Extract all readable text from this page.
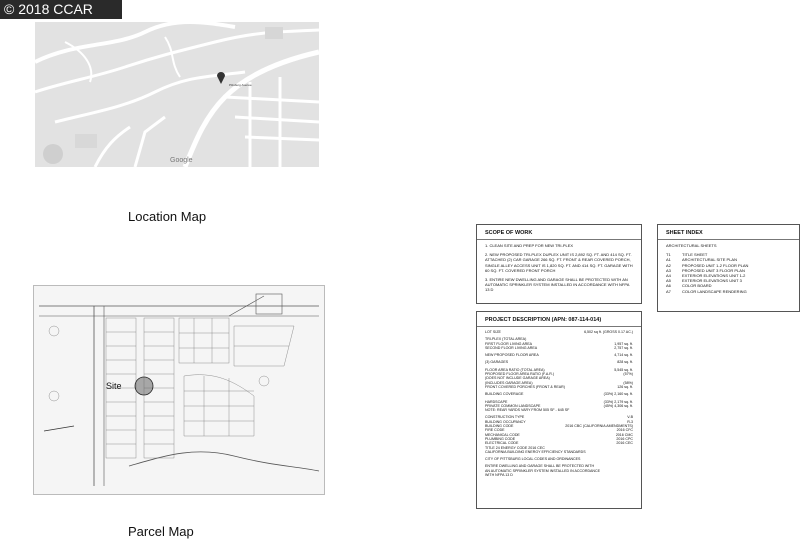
© 2018 CCAR
Pittsburg Avenue
Google
Location Map
Site
Parcel Map
SCOPE OF WORK
1. CLEAN SITE AND PREP FOR NEW TRI-PLEX
2. NEW PROPOSED TRI-PLEX DUPLEX UNIT IS 2,892 SQ. FT. AND 414 SQ. FT. ATTACHED (2) CAR GARAGE 266 SQ. FT. FRONT & REAR COVERED PORCH, SINGLE ALLEY ACCESS UNIT IS 1,820 SQ. FT. AND 414 SQ. FT. GARAGE WITH 60 SQ. FT. COVERED FRONT PORCH
3. ENTIRE NEW DWELLING AND GARAGE SHALL BE PROTECTED WITH AN AUTOMATIC SPRINKLER SYSTEM INSTALLED IN ACCORDANCE WITH NFPA 13 D
SHEET INDEX
ARCHITECTURAL SHEETS
T1	TITLE SHEET
A1	ARCHITECTURAL SITE PLAN
A2	PROPOSED UNIT 1-2 FLOOR PLAN
A3	PROPOSED UNIT 3 FLOOR PLAN
A4	EXTERIOR ELEVATIONS UNIT 1-2
A5	EXTERIOR ELEVATIONS UNIT 3
A6	COLOR BOARD
A7	COLOR LANDSCAPE RENDERING
PROJECT DESCRIPTION (APN: 087-114-014)
LOT SIZE	6,502 sq ft. (GROSS 0.17 AC.)
TRI-PLEX (TOTAL AREA)
FIRST FLOOR LIVING AREA	1,957 sq. ft.
SECOND FLOOR LIVING AREA	2,757 sq. ft.
NEW PROPOSED FLOOR AREA	4,714 sq. ft.
(3) GARAGES	828 sq. ft.
FLOOR AREA RATIO (TOTAL AREA)	5,545 sq. ft.
PROPOSED FLOOR AREA RATIO (F.A.R.)	(57%)
(DOES NOT INCLUDE GARAGE AREA)
(INCLUDES GARAGE AREA)	(58%)
FRONT COVERED PORCHES (FRONT & REAR)	126 sq. ft.
BUILDING COVERAGE	(33%) 2,160 sq. ft.
HARDSCAPE	(33%) 2,179 sq. ft.
PRIVATE COMMON LANDSCAPE	(45%) 4,306 sq. ft.
NOTE: REAR YARDS VARY FROM 505 SF - 645 SF
CONSTRUCTION TYPE	V-B
BUILDING OCCUPANCY	R-3
BUILDING CODE	2016 CBC (CALIFORNIA AMENDMENTS)
FIRE CODE	2016 CFC
MECHANICAL CODE	2016 CMC
PLUMBING CODE	2016 CPC
ELECTRICAL CODE	2016 CEC
TITLE 24 ENERGY CODE 2016 CEC
CALIFORNIA BUILDING ENERGY EFFICIENCY STANDARDS
CITY OF PITTSBURG LOCAL CODES AND ORDINANCES
ENTIRE DWELLING AND GARAGE SHALL BE PROTECTED WITH
AN AUTOMATIC SPRINKLER SYSTEM INSTALLED IN ACCORDANCE
WITH NFPA 13 D
